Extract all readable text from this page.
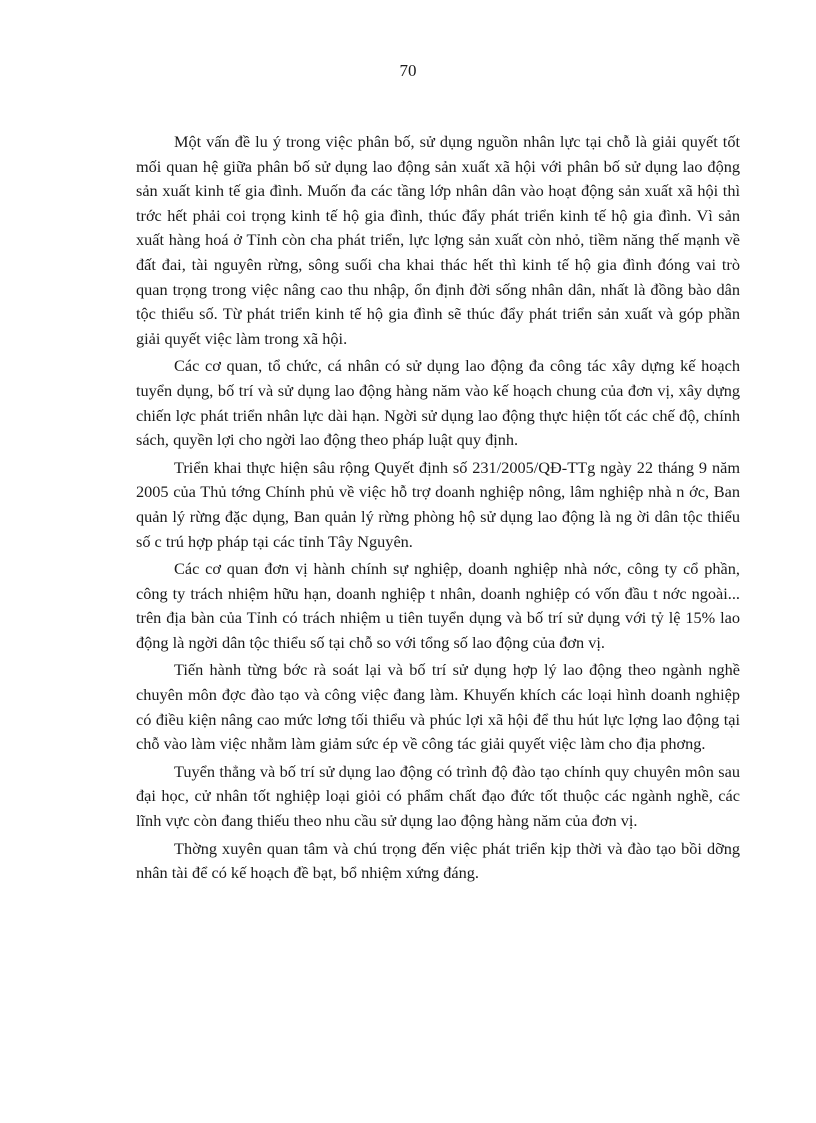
70

Một vấn đề lu ý trong việc phân bố, sử dụng nguồn nhân lực tại chỗ là giải quyết tốt mối quan hệ giữa phân bố sử dụng lao động sản xuất xã hội với phân bố sử dụng lao động sản xuất kinh tế gia đình. Muốn đa các tầng lớp nhân dân vào hoạt động sản xuất xã hội thì trớc hết phải coi trọng kinh tế hộ gia đình, thúc đẩy phát triển kinh tế hộ gia đình. Vì sản xuất hàng hoá ở Tỉnh còn cha phát triển, lực lợng sản xuất còn nhỏ, tiềm năng thế mạnh về đất đai, tài nguyên rừng, sông suối cha khai thác hết thì kinh tế hộ gia đình đóng vai trò quan trọng trong việc nâng cao thu nhập, ổn định đời sống nhân dân, nhất là đồng bào dân tộc thiểu số. Từ phát triển kinh tế hộ gia đình sẽ thúc đẩy phát triển sản xuất và góp phần giải quyết việc làm trong xã hội.

Các cơ quan, tổ chức, cá nhân có sử dụng lao động đa công tác xây dựng kế hoạch tuyển dụng, bố trí và sử dụng lao động hàng năm vào kế hoạch chung của đơn vị, xây dựng chiến lợc phát triển nhân lực dài hạn. Ngời sử dụng lao động thực hiện tốt các chế độ, chính sách, quyền lợi cho ngời lao động theo pháp luật quy định.

Triển khai thực hiện sâu rộng Quyết định số 231/2005/QĐ-TTg ngày 22 tháng 9 năm 2005 của Thủ tớng Chính phủ về việc hỗ trợ doanh nghiệp nông, lâm nghiệp nhà n ớc, Ban quản lý rừng đặc dụng, Ban quản lý rừng phòng hộ sử dụng lao động là ng ời dân tộc thiểu số c trú hợp pháp tại các tỉnh Tây Nguyên.

Các cơ quan đơn vị hành chính sự nghiệp, doanh nghiệp nhà nớc, công ty cổ phần, công ty trách nhiệm hữu hạn, doanh nghiệp t nhân, doanh nghiệp có vốn đầu t nớc ngoài... trên địa bàn của Tỉnh có trách nhiệm u tiên tuyển dụng và bố trí sử dụng với tỷ lệ 15% lao động là ngời dân tộc thiểu số tại chỗ so với tổng số lao động của đơn vị.

Tiến hành từng bớc rà soát lại và bố trí sử dụng hợp lý lao động theo ngành nghề chuyên môn đợc đào tạo và công việc đang làm. Khuyến khích các loại hình doanh nghiệp có điều kiện nâng cao mức lơng tối thiểu và phúc lợi xã hội để thu hút lực lợng lao động tại chỗ vào làm việc nhằm làm giảm sức ép về công tác giải quyết việc làm cho địa phơng.

Tuyển thẳng và bố trí sử dụng lao động có trình độ đào tạo chính quy chuyên môn sau đại học, cử nhân tốt nghiệp loại giỏi có phẩm chất đạo đức tốt thuộc các ngành nghề, các lĩnh vực còn đang thiếu theo nhu cầu sử dụng lao động hàng năm của đơn vị.

Thờng xuyên quan tâm và chú trọng đến việc phát triển kịp thời và đào tạo bồi dỡng nhân tài để có kế hoạch đề bạt, bổ nhiệm xứng đáng.
